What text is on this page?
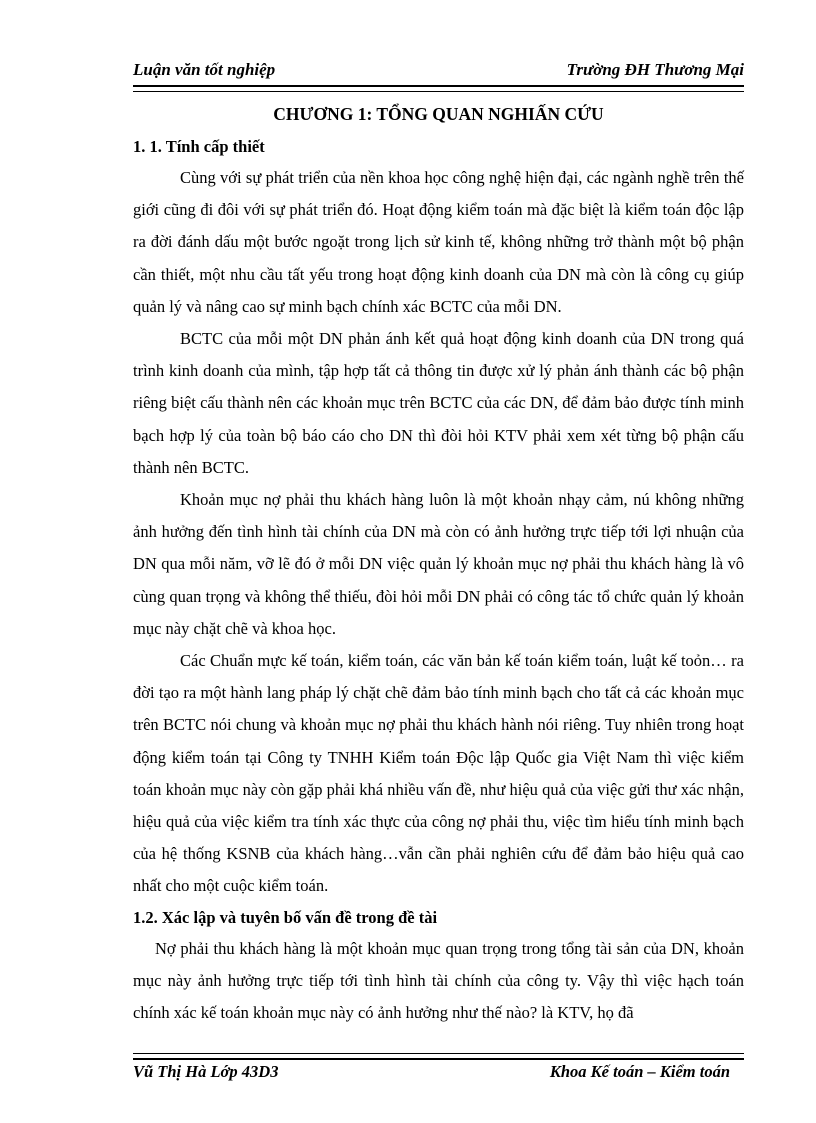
Luận văn tốt nghiệp	Trường ĐH Thương Mại
CHƯƠNG 1: TỔNG QUAN NGHIẤN CỨU
1. 1. Tính cấp thiết

Cùng với sự phát triển của nền khoa học công nghệ hiện đại, các ngành nghề trên thế giới cũng đi đôi với sự phát triển đó. Hoạt động kiểm toán mà đặc biệt là kiểm toán độc lập ra đời đánh dấu một bước ngoặt trong lịch sử kinh tế, không những trở thành một bộ phận cần thiết, một nhu cầu tất yếu trong hoạt động kinh doanh của DN mà còn là công cụ giúp quản lý và nâng cao sự minh bạch chính xác BCTC của mỗi DN.

BCTC của mỗi một DN phản ánh kết quả hoạt động kinh doanh của DN trong quá trình kinh doanh của mình, tập hợp tất cả thông tin được xử lý phản ánh thành các bộ phận riêng biệt cấu thành nên các khoản mục trên BCTC của các DN, để đảm bảo được tính minh bạch hợp lý của toàn bộ báo cáo cho DN thì đòi hỏi KTV phải xem xét từng bộ phận cấu thành nên BCTC.

Khoản mục nợ phải thu khách hàng luôn là một khoản nhạy cảm, nú không những ảnh hưởng đến tình hình tài chính của DN mà còn có ảnh hưởng trực tiếp tới lợi nhuận của DN qua mỗi năm, vỡ lẽ đó ở mỗi DN việc quản lý khoản mục nợ phải thu khách hàng là vô cùng quan trọng và không thể thiếu, đòi hỏi mỗi DN phải có công tác tổ chức quản lý khoản mục này chặt chẽ và khoa học.

Các Chuẩn mực kế toán, kiểm toán, các văn bản kế toán kiểm toán, luật kế toỏn… ra đời tạo ra một hành lang pháp lý chặt chẽ đảm bảo tính minh bạch cho tất cả các khoản mục trên BCTC nói chung và khoản mục nợ phải thu khách hành nói riêng. Tuy nhiên trong hoạt động kiểm toán tại Công ty TNHH Kiểm toán Độc lập Quốc gia Việt Nam thì việc kiểm toán khoản mục này còn gặp phải khá nhiều vấn đề, như hiệu quả của việc gửi thư xác nhận, hiệu quả của việc kiểm tra tính xác thực của công nợ phải thu, việc tìm hiểu tính minh bạch của hệ thống KSNB của khách hàng…vẫn cần phải nghiên cứu để đảm bảo hiệu quả cao nhất cho một cuộc kiểm toán.

1.2. Xác lập và tuyên bố vấn đề trong đề tài

Nợ phải thu khách hàng là một khoản mục quan trọng trong tổng tài sản của DN, khoản mục này ảnh hưởng trực tiếp tới tình hình tài chính của công ty. Vậy thì việc hạch toán chính xác kế toán khoản mục này có ảnh hưởng như thế nào? là KTV, họ đã

Vũ Thị Hà Lớp 43D3	Khoa Kế toán – Kiểm toán
